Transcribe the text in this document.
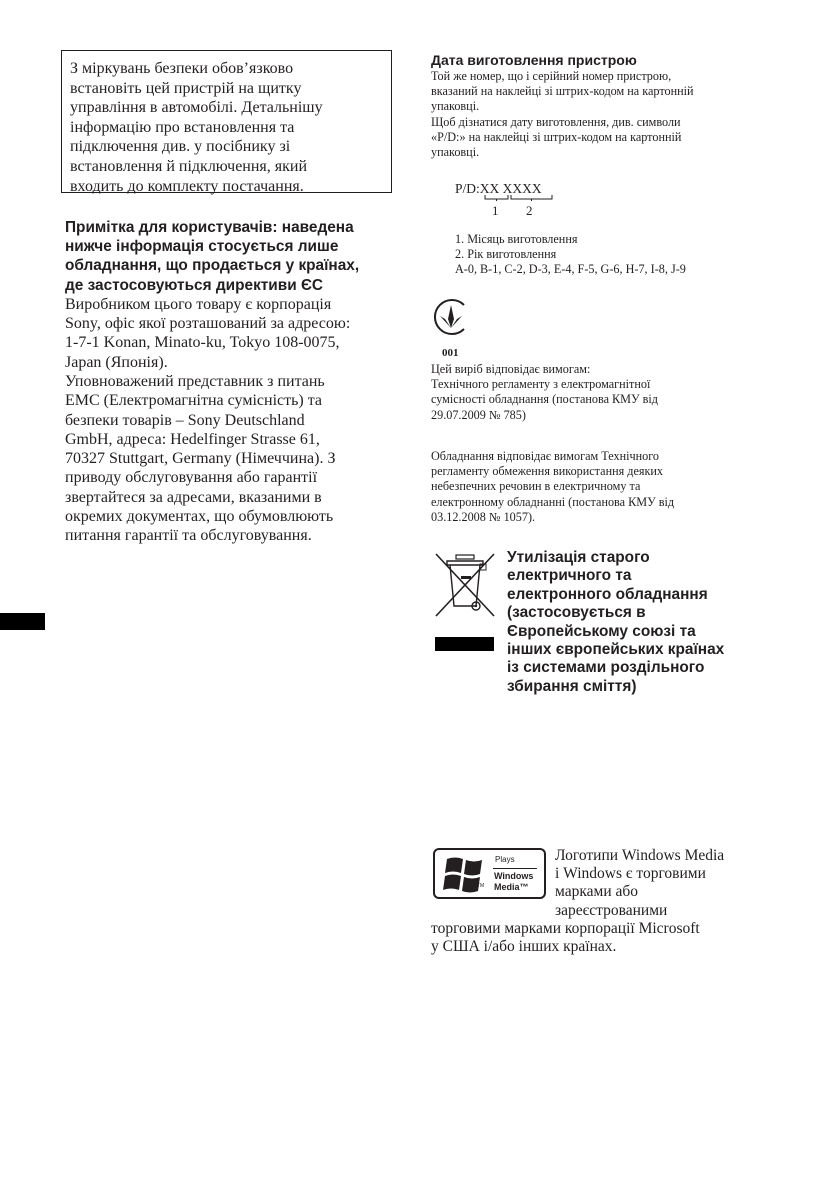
З міркувань безпеки обов’язково
встановіть цей пристрій на щитку
управління в автомобілі. Детальнішу
інформацію про встановлення та
підключення див. у посібнику зі
встановлення й підключення, який
входить до комплекту постачання.
Примітка для користувачів: наведена
нижче інформація стосується лише
обладнання, що продається у країнах,
де застосовуються директиви ЄС
Виробником цього товару є корпорація
Sony, офіс якої розташований за адресою:
1-7-1 Konan, Minato-ku, Tokyo 108-0075,
Japan (Японія).
Уповноважений представник з питань
EMC (Електромагнітна сумісність) та
безпеки товарів – Sony Deutschland
GmbH, адреса: Hedelfinger Strasse 61,
70327 Stuttgart, Germany (Німеччина). З
приводу обслуговування або гарантії
звертайтеся за адресами, вказаними в
окремих документах, що обумовлюють
питання гарантії та обслуговування.
Дата виготовлення пристрою
Той же номер, що і серійний номер пристрою,
вказаний на наклейці зі штрих-кодом на картонній
упаковці.
Щоб дізнатися дату виготовлення, див. символи
«P/D:» на наклейці зі штрих-кодом на картонній
упаковці.
P/D:XX XXXX
1 2
1. Місяць виготовлення
2. Рік виготовлення
A-0, B-1, C-2, D-3, E-4, F-5, G-6, H-7, I-8, J-9
001
Цей виріб відповідає вимогам:
Технічного регламенту з електромагнітної
сумісності обладнання (постанова КМУ від
29.07.2009 № 785)
Обладнання відповідає вимогам Технічного
регламенту обмеження використання деяких
небезпечних речовин в електричному та
електронному обладнанні (постанова КМУ від
03.12.2008 № 1057).
Утилізація старого
електричного та
електронного обладнання
(застосовується в
Європейському союзі та
інших європейських країнах
із системами роздільного
збирання сміття)
TM
Plays
Windows
Media™
Логотипи Windows Media
і Windows є торговими
марками або
зареєстрованими
торговими марками корпорації Microsoft
у США і/або інших країнах.
